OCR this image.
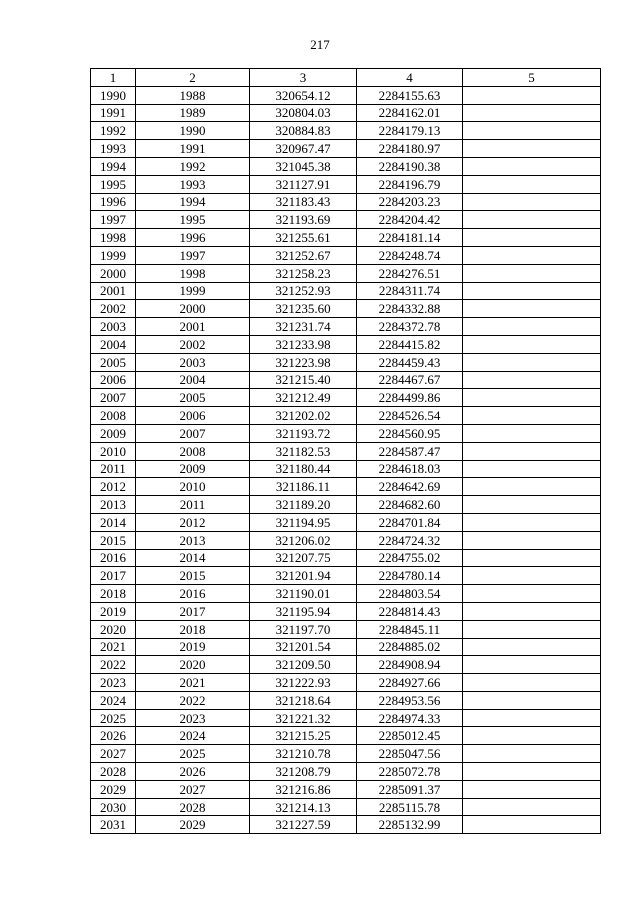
217
1	2	3	4	5
1990	1988	320654.12	2284155.63	
1991	1989	320804.03	2284162.01	
1992	1990	320884.83	2284179.13	
1993	1991	320967.47	2284180.97	
1994	1992	321045.38	2284190.38	
1995	1993	321127.91	2284196.79	
1996	1994	321183.43	2284203.23	
1997	1995	321193.69	2284204.42	
1998	1996	321255.61	2284181.14	
1999	1997	321252.67	2284248.74	
2000	1998	321258.23	2284276.51	
2001	1999	321252.93	2284311.74	
2002	2000	321235.60	2284332.88	
2003	2001	321231.74	2284372.78	
2004	2002	321233.98	2284415.82	
2005	2003	321223.98	2284459.43	
2006	2004	321215.40	2284467.67	
2007	2005	321212.49	2284499.86	
2008	2006	321202.02	2284526.54	
2009	2007	321193.72	2284560.95	
2010	2008	321182.53	2284587.47	
2011	2009	321180.44	2284618.03	
2012	2010	321186.11	2284642.69	
2013	2011	321189.20	2284682.60	
2014	2012	321194.95	2284701.84	
2015	2013	321206.02	2284724.32	
2016	2014	321207.75	2284755.02	
2017	2015	321201.94	2284780.14	
2018	2016	321190.01	2284803.54	
2019	2017	321195.94	2284814.43	
2020	2018	321197.70	2284845.11	
2021	2019	321201.54	2284885.02	
2022	2020	321209.50	2284908.94	
2023	2021	321222.93	2284927.66	
2024	2022	321218.64	2284953.56	
2025	2023	321221.32	2284974.33	
2026	2024	321215.25	2285012.45	
2027	2025	321210.78	2285047.56	
2028	2026	321208.79	2285072.78	
2029	2027	321216.86	2285091.37	
2030	2028	321214.13	2285115.78	
2031	2029	321227.59	2285132.99	
